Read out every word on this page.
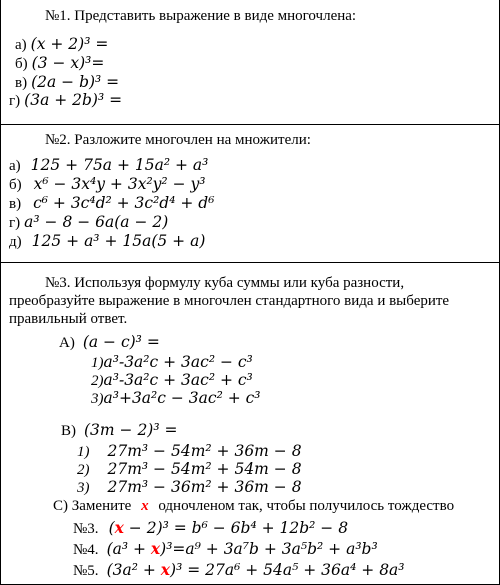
№1. Представить выражение в виде многочлена:
а) (x + 2)³ =
б) (3 − x)³=
в) (2a − b)³ =
г) (3a + 2b)³ =
№2. Разложите многочлен на множители:
а) 125 + 75a + 15a² + a³
б) x⁶ − 3x⁴y + 3x²y² − y³
в) c⁶ + 3c⁴d² + 3c²d⁴ + d⁶
г) a³ − 8 − 6a(a − 2)
д) 125 + a³ + 15a(5 + a)
№3. Используя формулу куба суммы или куба разности,
преобразуйте выражение в многочлен стандартного вида и выберите
правильный ответ.
А) (a − c)³ =
1)a³-3a²c + 3ac² − c³
2)a³-3a²c + 3ac² + c³
3)a³+3a²c − 3ac² + c³
В) (3m − 2)³ =
1) 27m³ − 54m² + 36m − 8
2) 27m³ − 54m² + 54m − 8
3) 27m³ − 36m² + 36m − 8
С) Замените x одночленом так, чтобы получилось тождество
№3. (x − 2)³ = b⁶ − 6b⁴ + 12b² − 8
№4. (a³ + x)³=a⁹ + 3a⁷b + 3a⁵b² + a³b³
№5. (3a² + x)³ = 27a⁶ + 54a⁵ + 36a⁴ + 8a³
